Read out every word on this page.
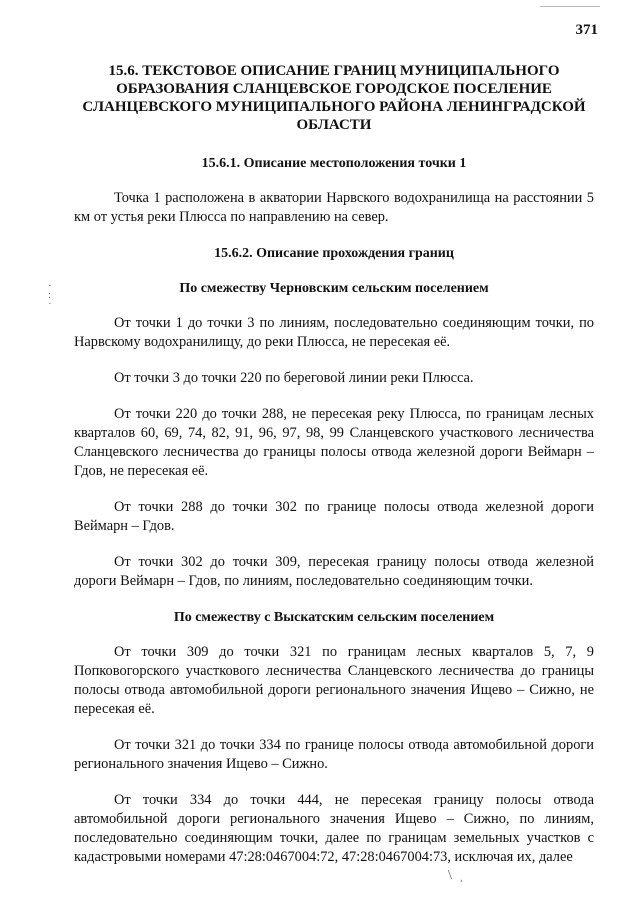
371
·
:
·
\  ˌ
15.6. ТЕКСТОВОЕ ОПИСАНИЕ ГРАНИЦ МУНИЦИПАЛЬНОГО ОБРАЗОВАНИЯ СЛАНЦЕВСКОЕ ГОРОДСКОЕ ПОСЕЛЕНИЕ СЛАНЦЕВСКОГО МУНИЦИПАЛЬНОГО РАЙОНА ЛЕНИНГРАДСКОЙ ОБЛАСТИ
15.6.1. Описание местоположения точки 1

Точка 1 расположена в акватории Нарвского водохранилища на расстоянии 5 км от устья реки Плюсса по направлению на север.

15.6.2. Описание прохождения границ
По смежеству Черновским сельским поселением

От точки 1 до точки 3 по линиям, последовательно соединяющим точки, по Нарвскому водохранилищу, до реки Плюсса, не пересекая её.

От точки 3 до точки 220 по береговой линии реки Плюсса.

От точки 220 до точки 288, не пересекая реку Плюсса, по границам лесных кварталов 60, 69, 74, 82, 91, 96, 97, 98, 99 Сланцевского участкового лесничества Сланцевского лесничества до границы полосы отвода железной дороги Веймарн – Гдов, не пересекая её.

От точки 288 до точки 302 по границе полосы отвода железной дороги Веймарн – Гдов.

От точки 302 до точки 309, пересекая границу полосы отвода железной дороги Веймарн – Гдов, по линиям, последовательно соединяющим точки.

По смежеству с Выскатским сельским поселением

От точки 309 до точки 321 по границам лесных кварталов 5, 7, 9 Попковогорского участкового лесничества Сланцевского лесничества до границы полосы отвода автомобильной дороги регионального значения Ищево – Сижно, не пересекая её.

От точки 321 до точки 334 по границе полосы отвода автомобильной дороги регионального значения Ищево – Сижно.

От точки 334 до точки 444, не пересекая границу полосы отвода автомобильной дороги регионального значения Ищево – Сижно, по линиям, последовательно соединяющим точки, далее по границам земельных участков с кадастровыми номерами 47:28:0467004:72, 47:28:0467004:73, исключая их, далее
